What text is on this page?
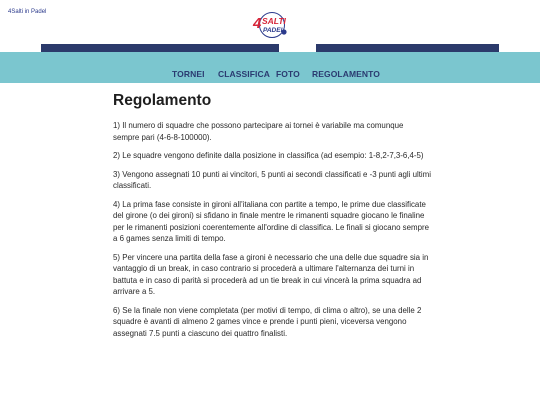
4Salti in Padel
4 SALTI
PADEL
TORNEI CLASSIFICA FOTO REGOLAMENTO
Regolamento

1) Il numero di squadre che possono partecipare ai tornei è variabile ma comunque sempre pari (4-6-8-100000).

2) Le squadre vengono definite dalla posizione in classifica (ad esempio: 1-8,2-7,3-6,4-5)

3) Vengono assegnati 10 punti ai vincitori, 5 punti ai secondi classificati e -3 punti agli ultimi classificati.

4) La prima fase consiste in gironi all'italiana con partite a tempo, le prime due classificate del girone (o dei gironi) si sfidano in finale mentre le rimanenti squadre giocano le finaline per le rimanenti posizioni coerentemente all'ordine di classifica. Le finali si giocano sempre a 6 games senza limiti di tempo.

5) Per vincere una partita della fase a gironi è necessario che una delle due squadre sia in vantaggio di un break, in caso contrario si procederà a ultimare l'alternanza dei turni in battuta e in caso di parità si procederà ad un tie break in cui vincerà la prima squadra ad arrivare a 5.

6) Se la finale non viene completata (per motivi di tempo, di clima o altro), se una delle 2 squadre è avanti di almeno 2 games vince e prende i punti pieni, viceversa vengono assegnati 7.5 punti a ciascuno dei quattro finalisti.
